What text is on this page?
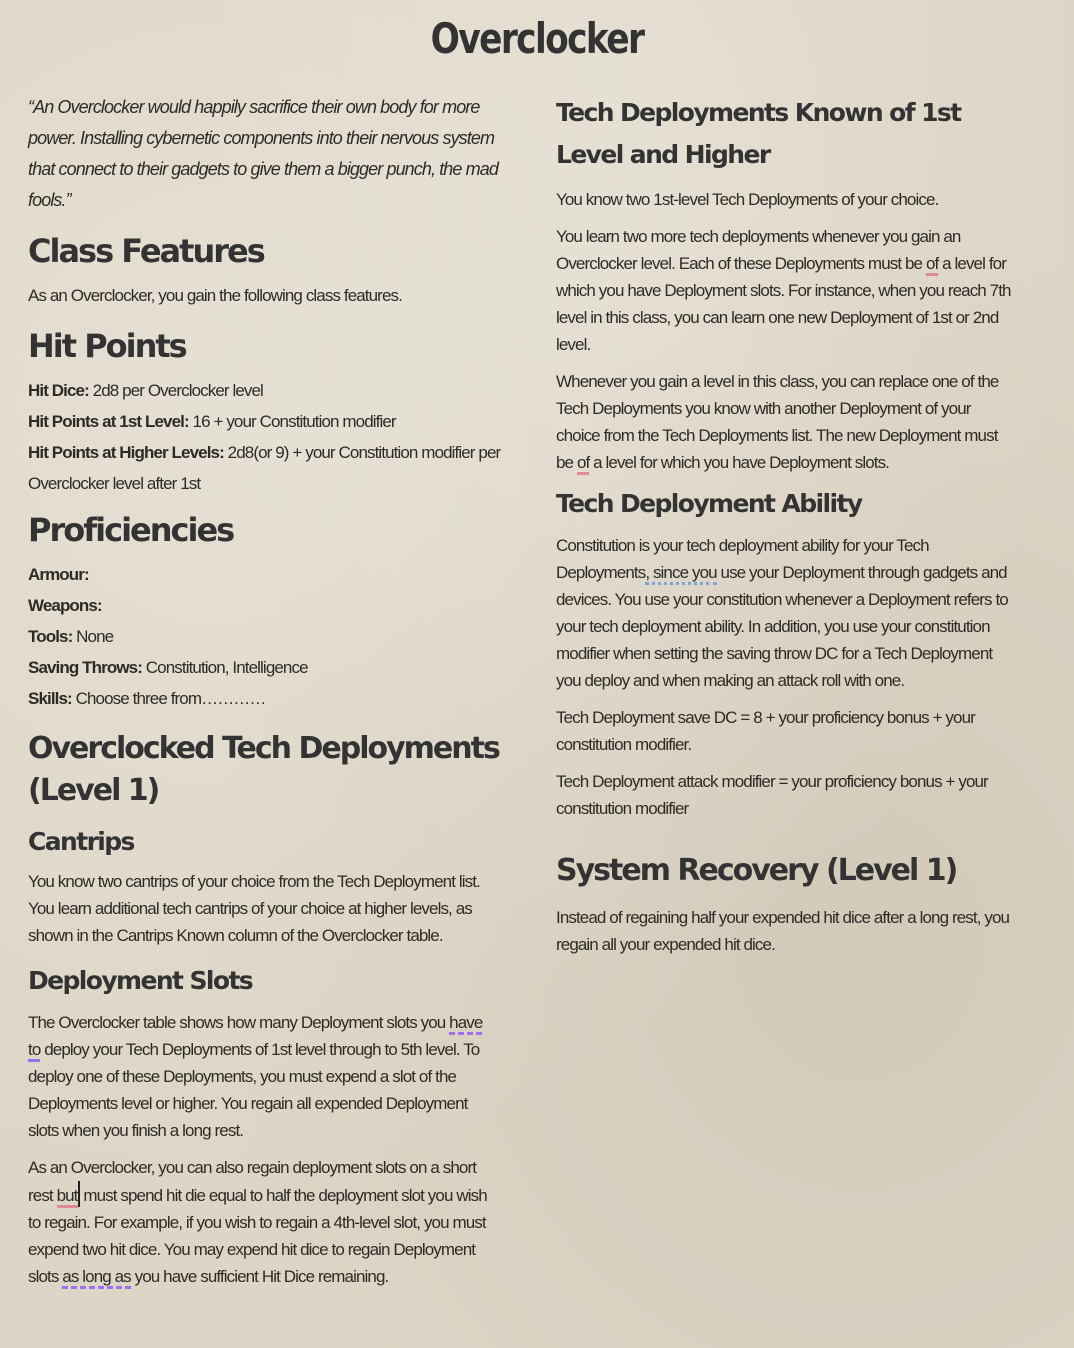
Overclocker

“An Overclocker would happily sacrifice their own body for more power. Installing cybernetic components into their nervous system that connect to their gadgets to give them a bigger punch, the mad fools.”

Class Features

As an Overclocker, you gain the following class features.

Hit Points
Hit Dice: 2d8 per Overclocker level
Hit Points at 1st Level: 16 + your Constitution modifier
Hit Points at Higher Levels: 2d8(or 9) + your Constitution modifier per Overclocker level after 1st
Proficiencies
Armour:
Weapons:
Tools: None
Saving Throws: Constitution, Intelligence
Skills: Choose three from…………
Overclocked Tech Deployments (Level 1)
Cantrips

You know two cantrips of your choice from the Tech Deployment list. You learn additional tech cantrips of your choice at higher levels, as shown in the Cantrips Known column of the Overclocker table.

Deployment Slots

The Overclocker table shows how many Deployment slots you have to deploy your Tech Deployments of 1st level through to 5th level. To deploy one of these Deployments, you must expend a slot of the Deployments level or higher. You regain all expended Deployment slots when you finish a long rest.

As an Overclocker, you can also regain deployment slots on a short rest but must spend hit die equal to half the deployment slot you wish to regain. For example, if you wish to regain a 4th-level slot, you must expend two hit dice. You may expend hit dice to regain Deployment slots as long as you have sufficient Hit Dice remaining.

Tech Deployments Known of 1st Level and Higher

You know two 1st-level Tech Deployments of your choice.

You learn two more tech deployments whenever you gain an Overclocker level. Each of these Deployments must be of a level for which you have Deployment slots. For instance, when you reach 7th level in this class, you can learn one new Deployment of 1st or 2nd level.

Whenever you gain a level in this class, you can replace one of the Tech Deployments you know with another Deployment of your choice from the Tech Deployments list. The new Deployment must be of a level for which you have Deployment slots.

Tech Deployment Ability

Constitution is your tech deployment ability for your Tech Deployments, since you use your Deployment through gadgets and devices. You use your constitution whenever a Deployment refers to your tech deployment ability. In addition, you use your constitution modifier when setting the saving throw DC for a Tech Deployment you deploy and when making an attack roll with one.

Tech Deployment save DC = 8 + your proficiency bonus + your constitution modifier.

Tech Deployment attack modifier = your proficiency bonus + your constitution modifier

System Recovery (Level 1)

Instead of regaining half your expended hit dice after a long rest, you regain all your expended hit dice.
